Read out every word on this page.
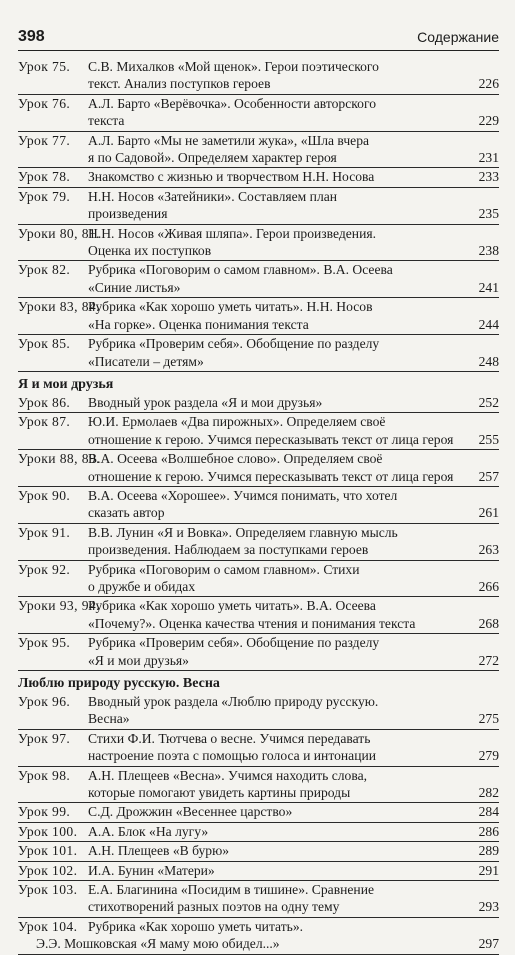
398	Содержание
Урок 75. С.В. Михалков «Мой щенок». Герои поэтического
текст. Анализ поступков героев	226
Урок 76. А.Л. Барто «Верёвочка». Особенности авторского
текста	229
Урок 77. А.Л. Барто «Мы не заметили жука», «Шла вчера
я по Садовой». Определяем характер героя	231
Урок 78. Знакомство с жизнью и творчеством Н.Н. Носова	233
Урок 79. Н.Н. Носов «Затейники». Составляем план
произведения	235
Уроки 80, 81.Н.Н. Носов «Живая шляпа». Герои произведения.
Оценка их поступков	238
Урок 82. Рубрика «Поговорим о самом главном». В.А. Осеева
«Синие листья»	241
Уроки 83, 84.Рубрика «Как хорошо уметь читать». Н.Н. Носов
«На горке». Оценка понимания текста	244
Урок 85. Рубрика «Проверим себя». Обобщение по разделу
«Писатели – детям»	248
Я и мои друзья
Урок 86. Вводный урок раздела «Я и мои друзья»	252
Урок 87. Ю.И. Ермолаев «Два пирожных». Определяем своё
отношение к герою. Учимся пересказывать текст от лица героя 255
Уроки 88, 89.В.А. Осеева «Волшебное слово». Определяем своё
отношение к герою. Учимся пересказывать текст от лица героя 257
Урок 90. В.А. Осеева «Хорошее». Учимся понимать, что хотел
сказать автор	261
Урок 91. В.В. Лунин «Я и Вовка». Определяем главную мысль
произведения. Наблюдаем за поступками героев	263
Урок 92. Рубрика «Поговорим о самом главном». Стихи
о дружбе и обидах	266
Уроки 93, 94.Рубрика «Как хорошо уметь читать». В.А. Осеева
«Почему?». Оценка качества чтения и понимания текста	268
Урок 95. Рубрика «Проверим себя». Обобщение по разделу
«Я и мои друзья»	272
Люблю природу русскую. Весна
Урок 96. Вводный урок раздела «Люблю природу русскую.
Весна»	275
Урок 97. Стихи Ф.И. Тютчева о весне. Учимся передавать
настроение поэта с помощью голоса и интонации	279
Урок 98. А.Н. Плещеев «Весна». Учимся находить слова,
которые помогают увидеть картины природы	282
Урок 99. С.Д. Дрожжин «Весеннее царство»	284
Урок 100. А.А. Блок «На лугу»	286
Урок 101. А.Н. Плещеев «В бурю»	289
Урок 102. И.А. Бунин «Матери»	291
Урок 103. Е.А. Благинина «Посидим в тишине». Сравнение
стихотворений разных поэтов на одну тему	293
Урок 104. Рубрика «Как хорошо уметь читать».
Э.Э. Мошковская «Я маму мою обидел...»	297
